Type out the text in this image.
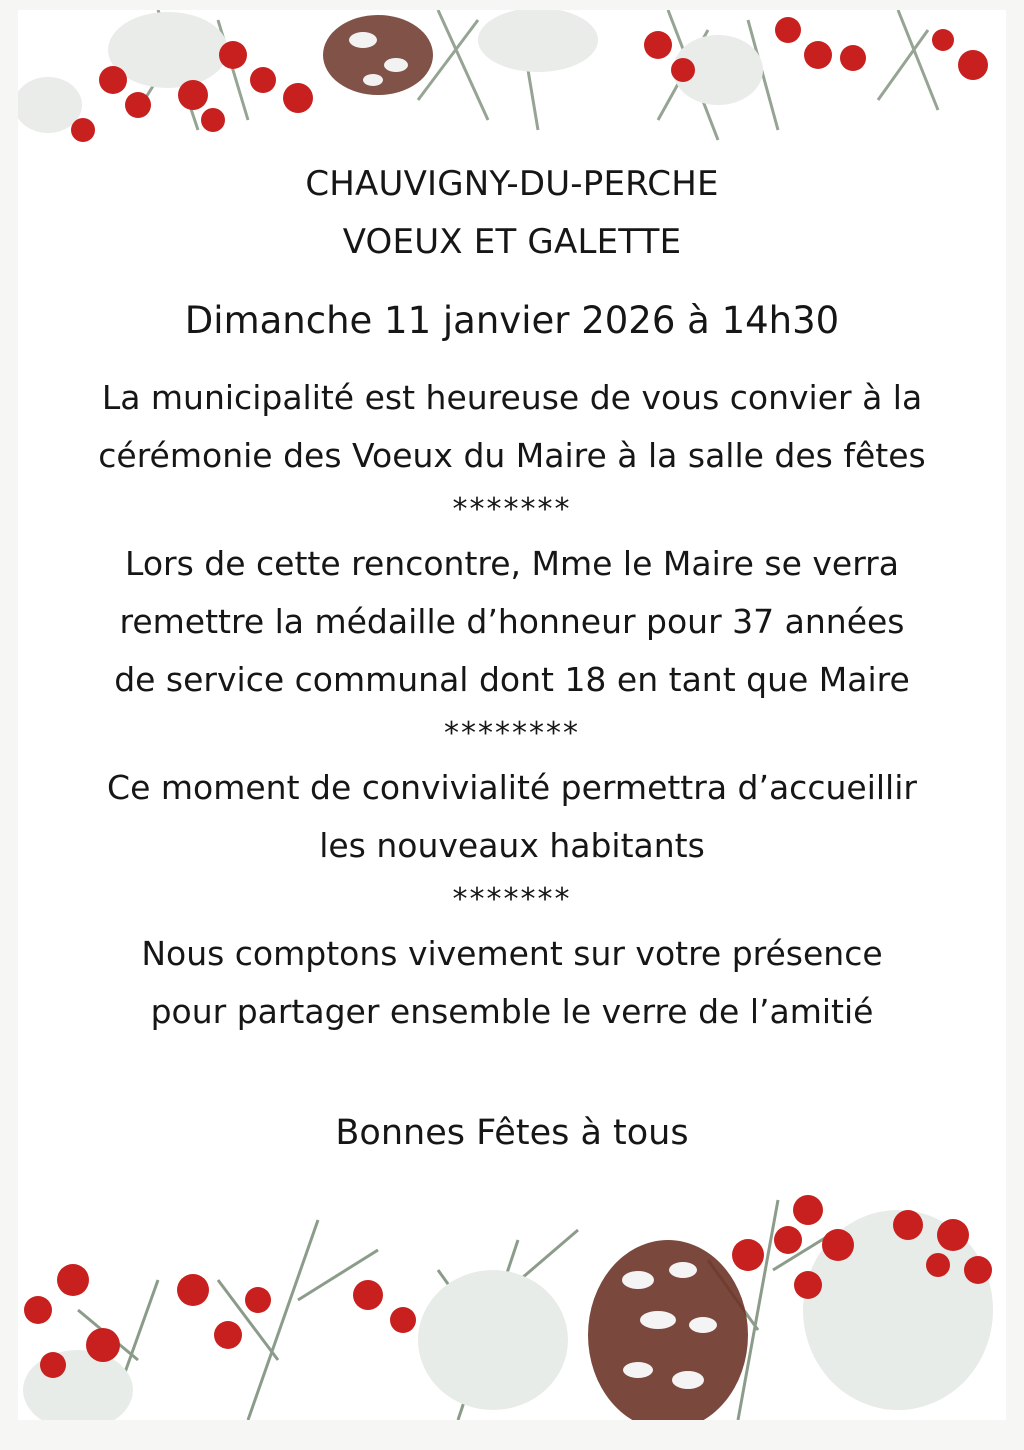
CHAUVIGNY-DU-PERCHE

VOEUX ET GALETTE

Dimanche 11 janvier 2026 à 14h30

La municipalité est heureuse de vous convier à la

cérémonie des Voeux du Maire à la salle des fêtes

*******

Lors de cette rencontre, Mme le Maire se verra

remettre la médaille d’honneur pour 37 années

de service communal dont 18 en tant que Maire

********

Ce moment de convivialité permettra d’accueillir

les nouveaux habitants

*******

Nous comptons vivement sur votre présence

pour partager ensemble le verre de l’amitié

Bonnes Fêtes à tous
